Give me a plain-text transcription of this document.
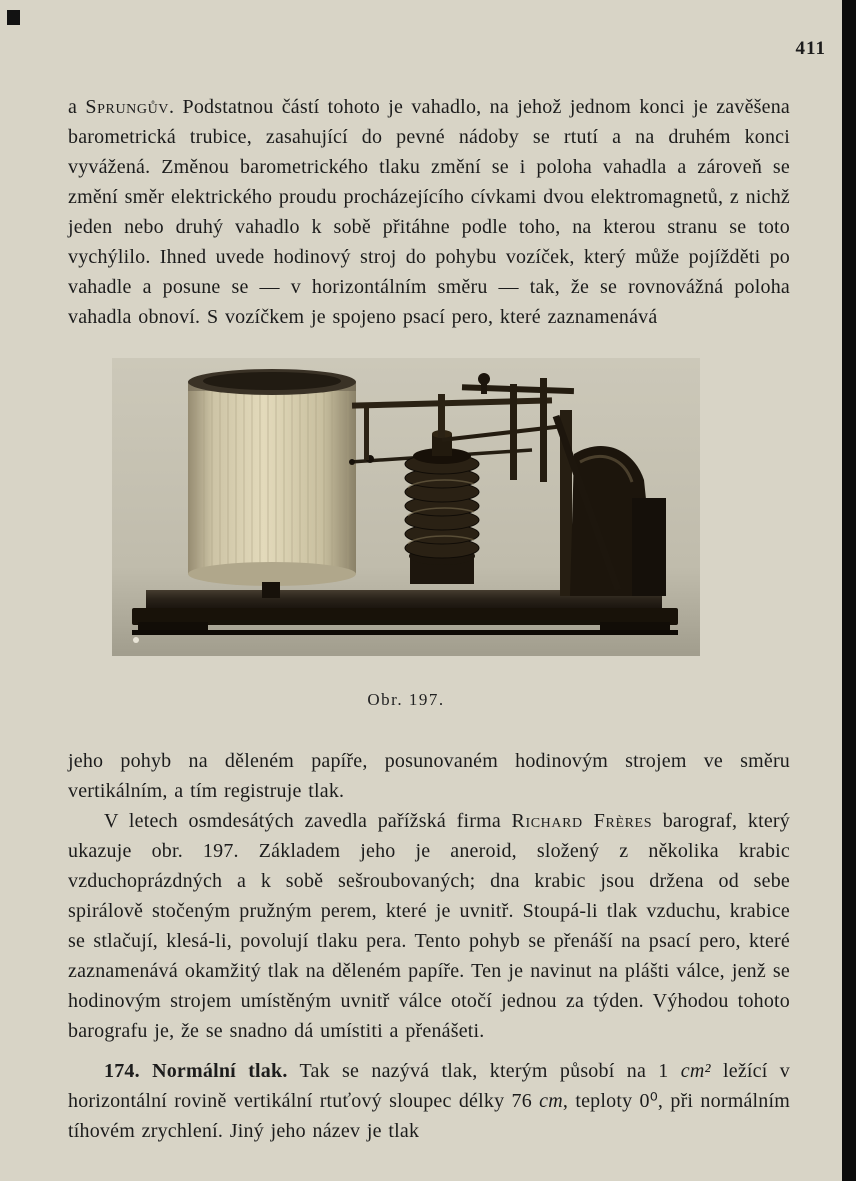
411

a Sprungův. Podstatnou částí tohoto je vahadlo, na jehož jednom konci je zavěšena barometrická trubice, zasahující do pevné nádoby se rtutí a na druhém konci vyvážená. Změnou barometrického tlaku změní se i poloha vahadla a zároveň se změní směr elektrického proudu procházejícího cívkami dvou elektromagnetů, z nichž jeden nebo druhý vahadlo k sobě přitáhne podle toho, na kterou stranu se toto vychýlilo. Ihned uvede hodinový stroj do pohybu vozíček, který může pojížděti po vahadle a posune se — v horizontálním směru — tak, že se rovnovážná poloha vahadla obnoví. S vozíčkem je spojeno psací pero, které zaznamenává

Obr. 197.

jeho pohyb na děleném papíře, posunovaném hodinovým strojem ve směru vertikálním, a tím registruje tlak.

V letech osmdesátých zavedla pařížská firma Richard Frères barograf, který ukazuje obr. 197. Základem jeho je aneroid, složený z několika krabic vzduchoprázdných a k sobě sešroubovaných; dna krabic jsou držena od sebe spirálově stočeným pružným perem, které je uvnitř. Stoupá-li tlak vzduchu, krabice se stlačují, klesá-li, povolují tlaku pera. Tento pohyb se přenáší na psací pero, které zaznamenává okamžitý tlak na děleném papíře. Ten je navinut na plášti válce, jenž se hodinovým strojem umístěným uvnitř válce otočí jednou za týden. Výhodou tohoto barografu je, že se snadno dá umístiti a přenášeti.

174. Normální tlak. Tak se nazývá tlak, kterým působí na 1 cm² ležící v horizontální rovině vertikální rtuťový sloupec délky 76 cm, teploty 0⁰, při normálním tíhovém zrychlení. Jiný jeho název je tlak
